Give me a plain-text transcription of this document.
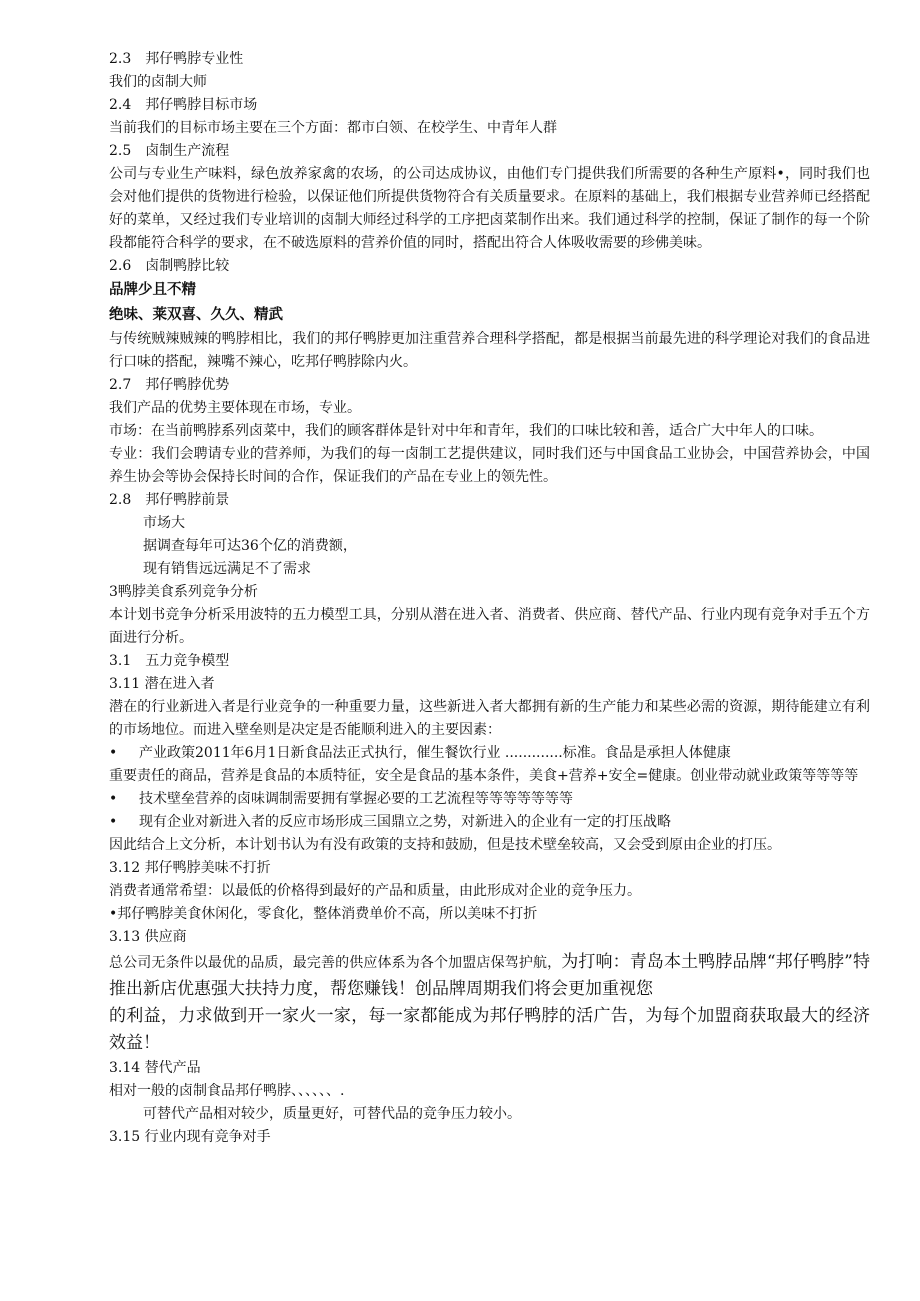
2.3　邦仔鸭脖专业性

我们的卤制大师

2.4　邦仔鸭脖目标市场

当前我们的目标市场主要在三个方面：都市白领、在校学生、中青年人群

2.5　卤制生产流程

公司与专业生产味料，绿色放养家禽的农场，的公司达成协议，由他们专门提供我们所需要的各种生产原料•，同时我们也会对他们提供的货物进行检验，以保证他们所提供货物符合有关质量要求。在原料的基础上，我们根据专业营养师已经搭配好的菜单，又经过我们专业培训的卤制大师经过科学的工序把卤菜制作出来。我们通过科学的控制，保证了制作的每一个阶段都能符合科学的要求，在不破选原料的营养价值的同时，搭配出符合人体吸收需要的珍佛美味。

2.6　卤制鸭脖比较

品牌少且不精

绝味、莱双喜、久久、精武

与传统贼辣贼辣的鸭脖相比，我们的邦仔鸭脖更加注重营养合理科学搭配，都是根据当前最先进的科学理论对我们的食品进行口味的搭配，辣嘴不辣心，吃邦仔鸭脖除内火。

2.7　邦仔鸭脖优势

我们产品的优势主要体现在市场，专业。

市场：在当前鸭脖系列卤菜中，我们的顾客群体是针对中年和青年，我们的口味比较和善，适合广大中年人的口味。

专业：我们会聘请专业的营养师，为我们的每一卤制工艺提供建议，同时我们还与中国食品工业协会，中国营养协会，中国养生协会等协会保持长时间的合作，保证我们的产品在专业上的领先性。

2.8　邦仔鸭脖前景

市场大

据调查每年可达36个亿的消费额，

现有销售远远满足不了需求

3鸭脖美食系列竞争分析

本计划书竞争分析采用波特的五力模型工具，分别从潜在进入者、消费者、供应商、替代产品、行业内现有竞争对手五个方面进行分析。

3.1　五力竞争模型

3.11 潜在进入者

潜在的行业新进入者是行业竞争的一种重要力量，这些新进入者大都拥有新的生产能力和某些必需的资源，期待能建立有利的市场地位。而进入壁垒则是决定是否能顺利进入的主要因素：

•	产业政策2011年6月1日新食品法正式执行，催生餐饮行业 .............标准。食品是承担人体健康

重要责任的商品，营养是食品的本质特征，安全是食品的基本条件，美食+营养+安全=健康。创业带动就业政策等等等等

•	技术壁垒营养的卤味调制需要拥有掌握必要的工艺流程等等等等等等等
•	现有企业对新进入者的反应市场形成三国鼎立之势，对新进入的企业有一定的打压战略

因此结合上文分析，本计划书认为有没有政策的支持和鼓励，但是技术壁垒较高，又会受到原由企业的打压。

3.12 邦仔鸭脖美味不打折

消费者通常希望：以最低的价格得到最好的产品和质量，由此形成对企业的竞争压力。

•邦仔鸭脖美食休闲化，零食化，整体消费单价不高，所以美味不打折

3.13 供应商

总公司无条件以最优的品质，最完善的供应体系为各个加盟店保驾护航，为打响：青岛本土鸭脖品牌“邦仔鸭脖”特推出新店优惠强大扶持力度，帮您赚钱！创品牌周期我们将会更加重视您

的利益，力求做到开一家火一家，每一家都能成为邦仔鸭脖的活广告，为每个加盟商获取最大的经济效益！

3.14 替代产品

相对一般的卤制食品邦仔鸭脖、、、、、、.

可替代产品相对较少，质量更好，可替代品的竞争压力较小。

3.15 行业内现有竞争对手
